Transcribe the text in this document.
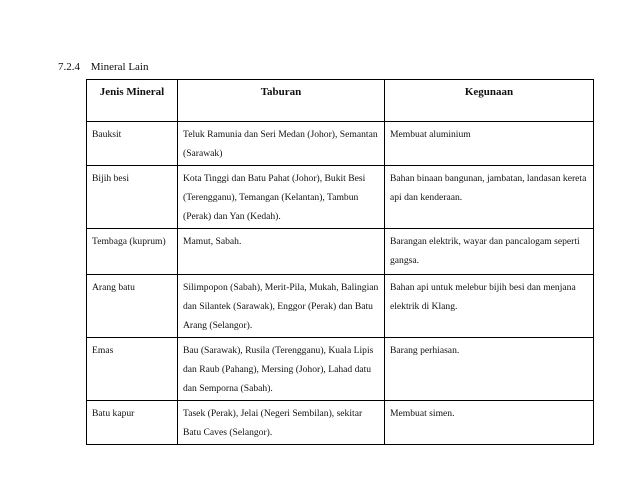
7.2.4 Mineral Lain
Jenis Mineral	Taburan	Kegunaan
Bauksit	Teluk Ramunia dan Seri Medan (Johor), Semantan (Sarawak)	Membuat aluminium
Bijih besi	Kota Tinggi dan Batu Pahat (Johor), Bukit Besi (Terengganu), Temangan (Kelantan), Tambun (Perak) dan Yan (Kedah).	Bahan binaan bangunan, jambatan, landasan kereta api dan kenderaan.
Tembaga (kuprum)	Mamut, Sabah.	Barangan elektrik, wayar dan pancalogam seperti gangsa.
Arang batu	Silimpopon (Sabah), Merit-Pila, Mukah, Balingian dan Silantek (Sarawak), Enggor (Perak) dan Batu Arang (Selangor).	Bahan api untuk melebur bijih besi dan menjana elektrik di Klang.
Emas	Bau (Sarawak), Rusila (Terengganu), Kuala Lipis dan Raub (Pahang), Mersing (Johor), Lahad datu dan Semporna (Sabah).	Barang perhiasan.
Batu kapur	Tasek (Perak), Jelai (Negeri Sembilan), sekitar Batu Caves (Selangor).	Membuat simen.
